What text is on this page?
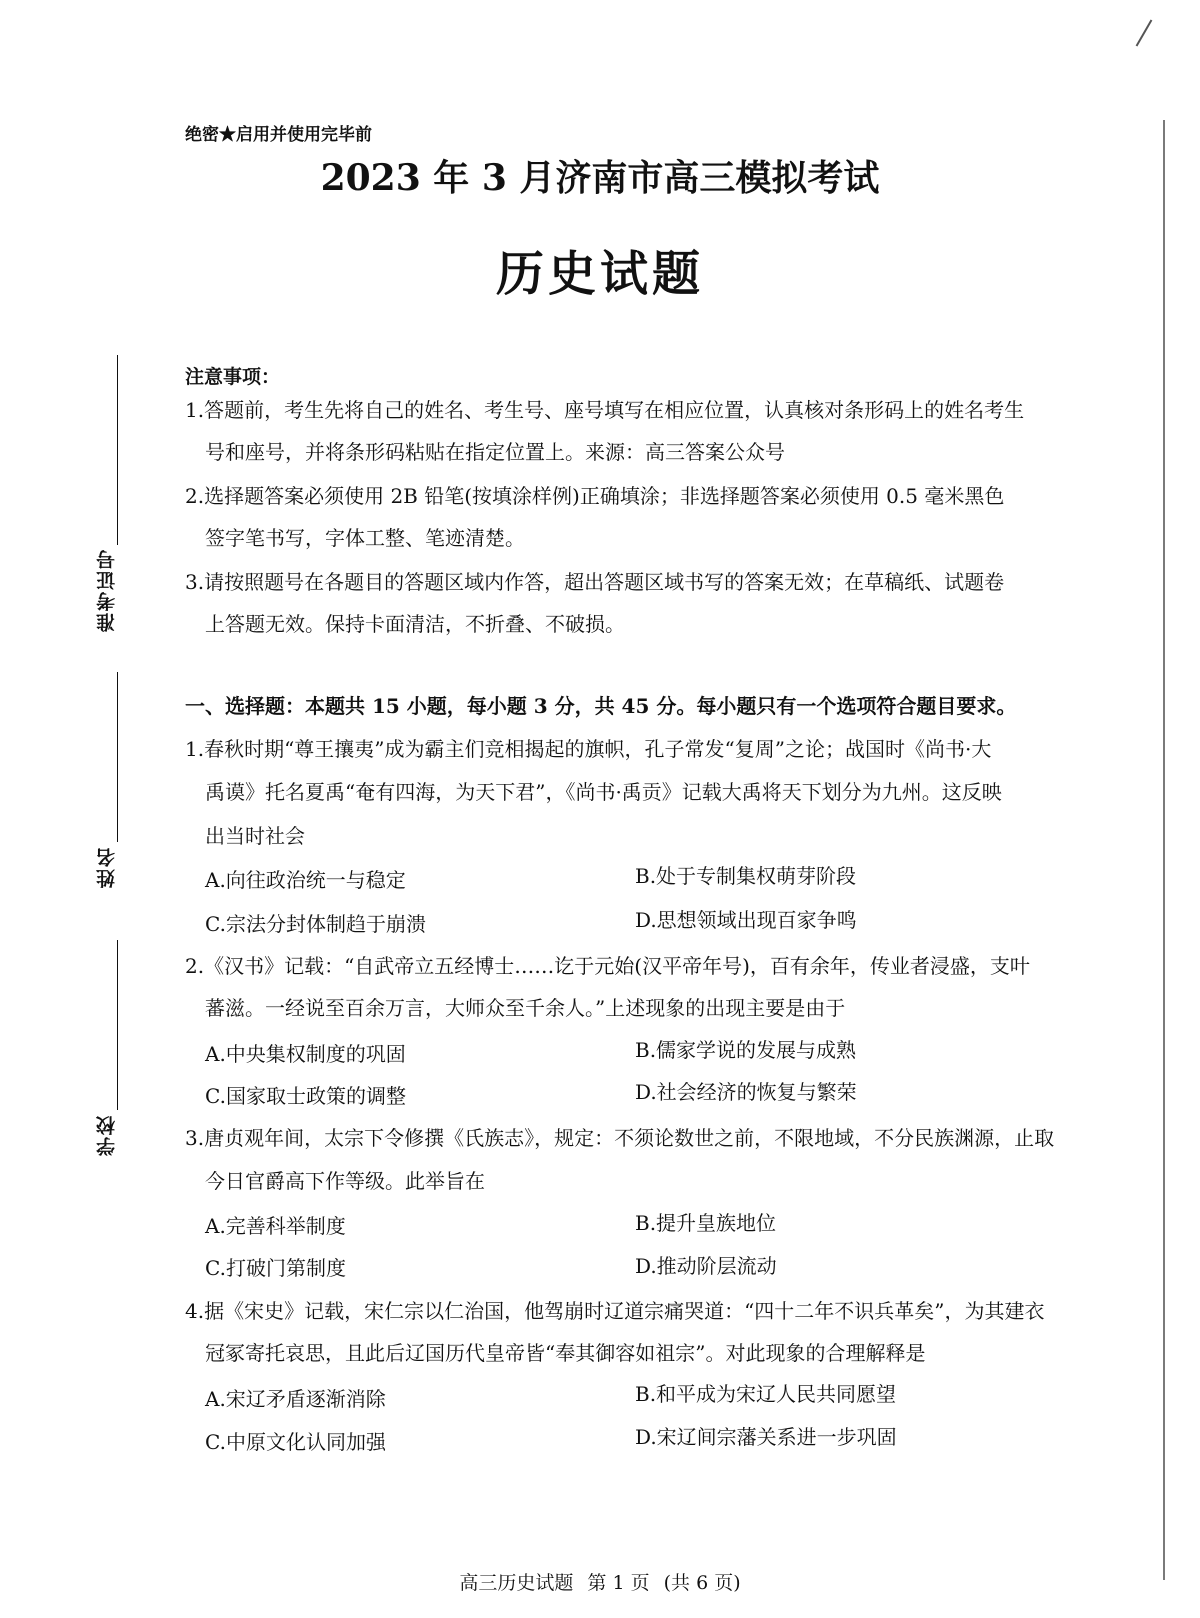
准考证号
姓名
学校
绝密★启用并使用完毕前
2023 年 3 月济南市高三模拟考试
历史试题
注意事项：
1.答题前，考生先将自己的姓名、考生号、座号填写在相应位置，认真核对条形码上的姓名考生
号和座号，并将条形码粘贴在指定位置上。来源：高三答案公众号
2.选择题答案必须使用 2B 铅笔(按填涂样例)正确填涂；非选择题答案必须使用 0.5 毫米黑色
签字笔书写，字体工整、笔迹清楚。
3.请按照题号在各题目的答题区域内作答，超出答题区域书写的答案无效；在草稿纸、试题卷
上答题无效。保持卡面清洁，不折叠、不破损。
一、选择题：本题共 15 小题，每小题 3 分，共 45 分。每小题只有一个选项符合题目要求。
1.春秋时期“尊王攘夷”成为霸主们竞相揭起的旗帜，孔子常发“复周”之论；战国时《尚书·大
禹谟》托名夏禹“奄有四海，为天下君”，《尚书·禹贡》记载大禹将天下划分为九州。这反映
出当时社会
A.向往政治统一与稳定	B.处于专制集权萌芽阶段
C.宗法分封体制趋于崩溃	D.思想领域出现百家争鸣
2.《汉书》记载：“自武帝立五经博士……讫于元始(汉平帝年号)，百有余年，传业者浸盛，支叶
蕃滋。一经说至百余万言，大师众至千余人。”上述现象的出现主要是由于
A.中央集权制度的巩固	B.儒家学说的发展与成熟
C.国家取士政策的调整	D.社会经济的恢复与繁荣
3.唐贞观年间，太宗下令修撰《氏族志》，规定：不须论数世之前，不限地域，不分民族渊源，止取
今日官爵高下作等级。此举旨在
A.完善科举制度	B.提升皇族地位
C.打破门第制度	D.推动阶层流动
4.据《宋史》记载，宋仁宗以仁治国，他驾崩时辽道宗痛哭道：“四十二年不识兵革矣”，为其建衣
冠冢寄托哀思，且此后辽国历代皇帝皆“奉其御容如祖宗”。对此现象的合理解释是
A.宋辽矛盾逐渐消除	B.和平成为宋辽人民共同愿望
C.中原文化认同加强	D.宋辽间宗藩关系进一步巩固
高三历史试题 第 1 页 (共 6 页)
